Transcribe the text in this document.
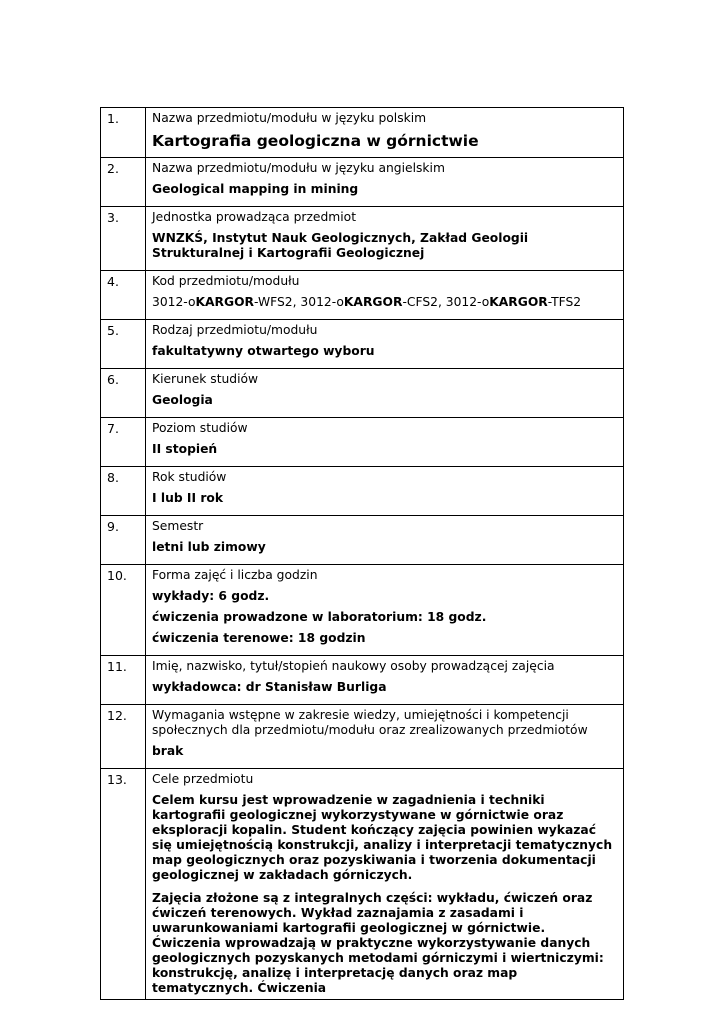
1.	Nazwa przedmiotu/modułu w języku polskim
Kartografia geologiczna w górnictwie

2.	Nazwa przedmiotu/modułu w języku angielskim
Geological mapping in mining

3.	Jednostka prowadząca przedmiot
WNZKŚ, Instytut Nauk Geologicznych, Zakład Geologii Strukturalnej i Kartografii Geologicznej

4.	Kod przedmiotu/modułu
3012-oKARGOR-WFS2, 3012-oKARGOR-CFS2, 3012-oKARGOR-TFS2

5.	Rodzaj przedmiotu/modułu
fakultatywny otwartego wyboru

6.	Kierunek studiów
Geologia

7.	Poziom studiów
II stopień

8.	Rok studiów
I lub II rok

9.	Semestr
letni lub zimowy

10.	Forma zajęć i liczba godzin
wykłady: 6 godz.
ćwiczenia prowadzone w laboratorium: 18 godz.
ćwiczenia terenowe: 18 godzin

11.	Imię, nazwisko, tytuł/stopień naukowy osoby prowadzącej zajęcia
wykładowca: dr Stanisław Burliga

12.	Wymagania wstępne w zakresie wiedzy, umiejętności i kompetencji społecznych dla przedmiotu/modułu oraz zrealizowanych przedmiotów
brak

13.	Cele przedmiotu
Celem kursu jest wprowadzenie w zagadnienia i techniki kartografii geologicznej wykorzystywane w górnictwie oraz eksploracji kopalin. Student kończący zajęcia powinien wykazać się umiejętnością konstrukcji, analizy i interpretacji tematycznych map geologicznych oraz pozyskiwania i tworzenia dokumentacji geologicznej w zakładach górniczych.
Zajęcia złożone są z integralnych części: wykładu, ćwiczeń oraz ćwiczeń terenowych. Wykład zaznajamia z zasadami i uwarunkowaniami kartografii geologicznej w górnictwie. Ćwiczenia wprowadzają w praktyczne wykorzystywanie danych geologicznych pozyskanych metodami górniczymi i wiertniczymi: konstrukcję, analizę i interpretację danych oraz map tematycznych. Ćwiczenia
